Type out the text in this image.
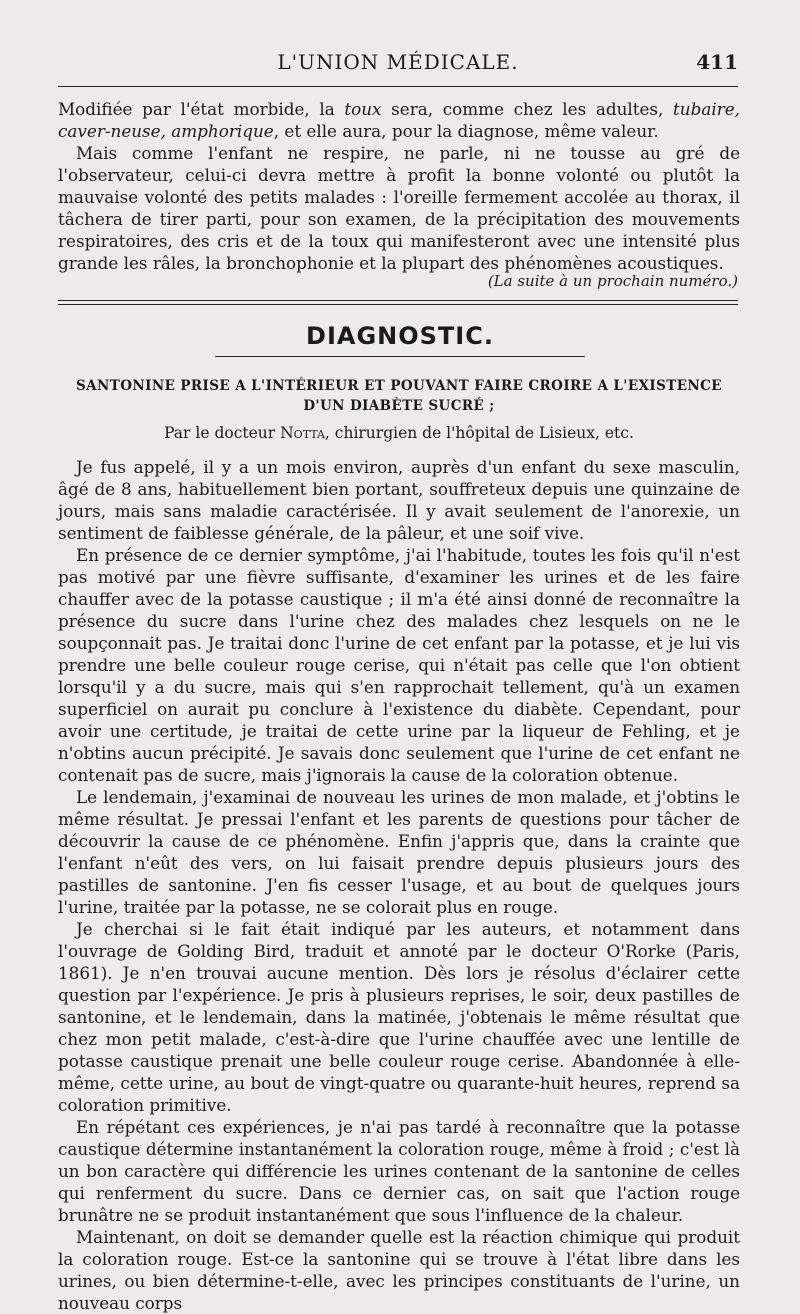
L'UNION MÉDICALE.	411

Modifiée par l'état morbide, la toux sera, comme chez les adultes, tubaire, caver-neuse, amphorique, et elle aura, pour la diagnose, même valeur.

Mais comme l'enfant ne respire, ne parle, ni ne tousse au gré de l'observateur, celui-ci devra mettre à profit la bonne volonté ou plutôt la mauvaise volonté des petits malades : l'oreille fermement accolée au thorax, il tâchera de tirer parti, pour son examen, de la précipitation des mouvements respiratoires, des cris et de la toux qui manifesteront avec une intensité plus grande les râles, la bronchophonie et la plupart des phénomènes acoustiques.

(La suite à un prochain numéro.)
DIAGNOSTIC.
SANTONINE PRISE A L'INTÉRIEUR ET POUVANT FAIRE CROIRE A L'EXISTENCE
D'UN DIABÈTE SUCRÉ ;
Par le docteur Notta, chirurgien de l'hôpital de Lisieux, etc.

Je fus appelé, il y a un mois environ, auprès d'un enfant du sexe masculin, âgé de 8 ans, habituellement bien portant, souffreteux depuis une quinzaine de jours, mais sans maladie caractérisée. Il y avait seulement de l'anorexie, un sentiment de faiblesse générale, de la pâleur, et une soif vive.

En présence de ce dernier symptôme, j'ai l'habitude, toutes les fois qu'il n'est pas motivé par une fièvre suffisante, d'examiner les urines et de les faire chauffer avec de la potasse caustique ; il m'a été ainsi donné de reconnaître la présence du sucre dans l'urine chez des malades chez lesquels on ne le soupçonnait pas. Je traitai donc l'urine de cet enfant par la potasse, et je lui vis prendre une belle couleur rouge cerise, qui n'était pas celle que l'on obtient lorsqu'il y a du sucre, mais qui s'en rapprochait tellement, qu'à un examen superficiel on aurait pu conclure à l'existence du diabète. Cependant, pour avoir une certitude, je traitai de cette urine par la liqueur de Fehling, et je n'obtins aucun précipité. Je savais donc seulement que l'urine de cet enfant ne contenait pas de sucre, mais j'ignorais la cause de la coloration obtenue.

Le lendemain, j'examinai de nouveau les urines de mon malade, et j'obtins le même résultat. Je pressai l'enfant et les parents de questions pour tâcher de découvrir la cause de ce phénomène. Enfin j'appris que, dans la crainte que l'enfant n'eût des vers, on lui faisait prendre depuis plusieurs jours des pastilles de santonine. J'en fis cesser l'usage, et au bout de quelques jours l'urine, traitée par la potasse, ne se colorait plus en rouge.

Je cherchai si le fait était indiqué par les auteurs, et notamment dans l'ouvrage de Golding Bird, traduit et annoté par le docteur O'Rorke (Paris, 1861). Je n'en trouvai aucune mention. Dès lors je résolus d'éclairer cette question par l'expérience. Je pris à plusieurs reprises, le soir, deux pastilles de santonine, et le lendemain, dans la matinée, j'obtenais le même résultat que chez mon petit malade, c'est-à-dire que l'urine chauffée avec une lentille de potasse caustique prenait une belle couleur rouge cerise. Abandonnée à elle-même, cette urine, au bout de vingt-quatre ou quarante-huit heures, reprend sa coloration primitive.

En répétant ces expériences, je n'ai pas tardé à reconnaître que la potasse caustique détermine instantanément la coloration rouge, même à froid ; c'est là un bon caractère qui différencie les urines contenant de la santonine de celles qui renferment du sucre. Dans ce dernier cas, on sait que l'action rouge brunâtre ne se produit instantanément que sous l'influence de la chaleur.

Maintenant, on doit se demander quelle est la réaction chimique qui produit la coloration rouge. Est-ce la santonine qui se trouve à l'état libre dans les urines, ou bien détermine-t-elle, avec les principes constituants de l'urine, un nouveau corps
